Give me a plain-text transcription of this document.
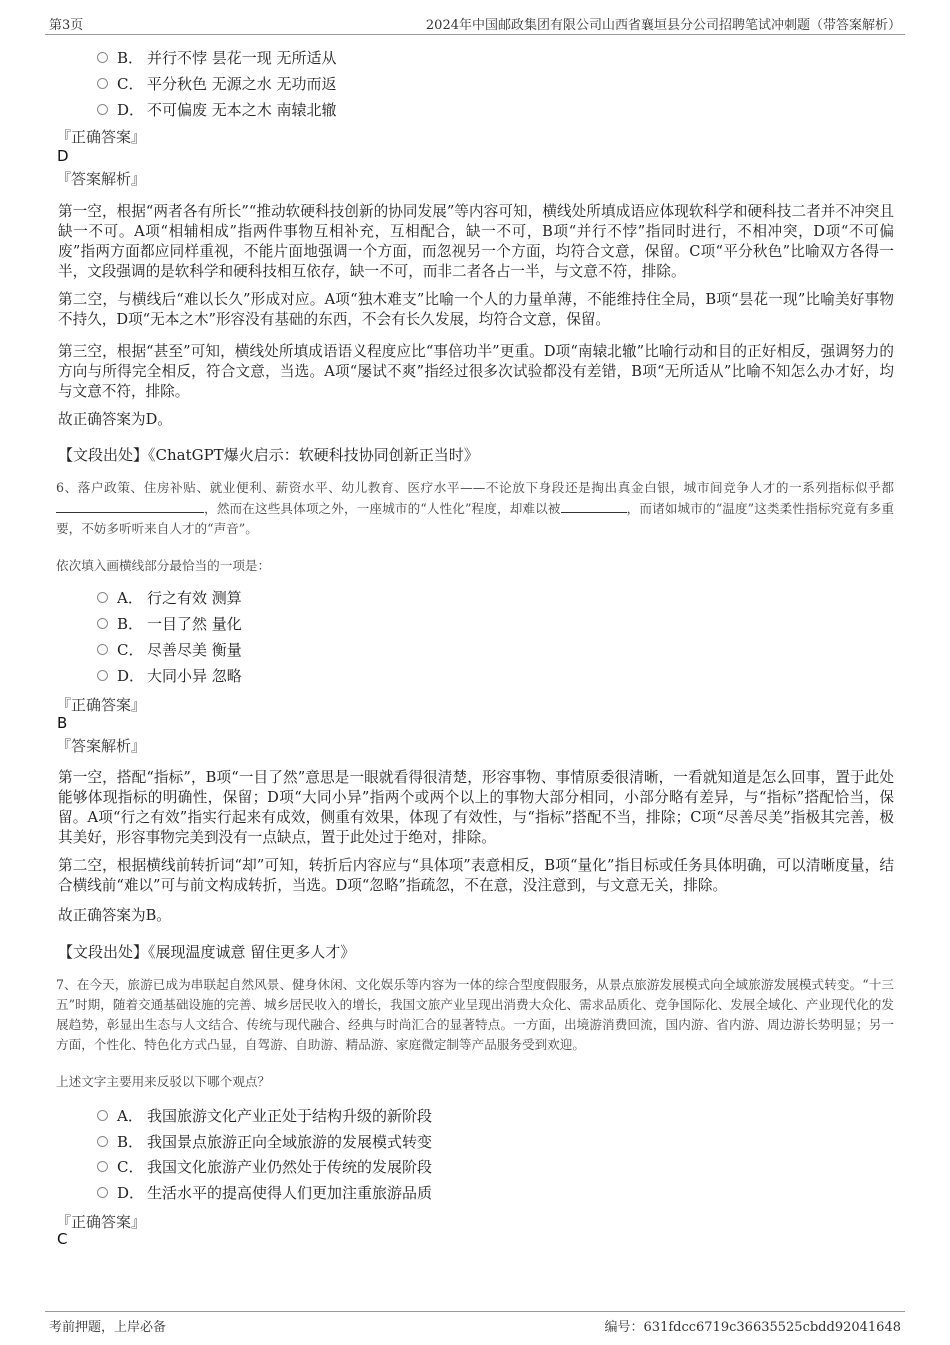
第3页	2024年中国邮政集团有限公司山西省襄垣县分公司招聘笔试冲刺题（带答案解析）
B． 并行不悖 昙花一现 无所适从
C． 平分秋色 无源之水 无功而返
D． 不可偏废 无本之木 南辕北辙
『正确答案』
D
『答案解析』
第一空，根据“两者各有所长”“推动软硬科技创新的协同发展”等内容可知，横线处所填成语应体现软科学和硬科技二者并不冲突且缺一不可。A项“相辅相成”指两件事物互相补充，互相配合，缺一不可，B项“并行不悖”指同时进行，不相冲突，D项“不可偏废”指两方面都应同样重视，不能片面地强调一个方面，而忽视另一个方面，均符合文意，保留。C项“平分秋色”比喻双方各得一半，文段强调的是软科学和硬科技相互依存，缺一不可，而非二者各占一半，与文意不符，排除。
第二空，与横线后“难以长久”形成对应。A项“独木难支”比喻一个人的力量单薄，不能维持住全局，B项“昙花一现”比喻美好事物不持久，D项“无本之木”形容没有基础的东西，不会有长久发展，均符合文意，保留。
第三空，根据“甚至”可知，横线处所填成语语义程度应比“事倍功半”更重。D项“南辕北辙”比喻行动和目的正好相反，强调努力的方向与所得完全相反，符合文意，当选。A项“屡试不爽”指经过很多次试验都没有差错，B项“无所适从”比喻不知怎么办才好，均与文意不符，排除。
故正确答案为D。
【文段出处】《ChatGPT爆火启示：软硬科技协同创新正当时》
6、落户政策、住房补贴、就业便利、薪资水平、幼儿教育、医疗水平——不论放下身段还是掏出真金白银，城市间竞争人才的一系列指标似乎都，然而在这些具体项之外，一座城市的“人性化”程度，却难以被	，而诸如城市的“温度”这类柔性指标究竟有多重要，不妨多听听来自人才的“声音”。
依次填入画横线部分最恰当的一项是：
A． 行之有效 测算
B． 一目了然 量化
C． 尽善尽美 衡量
D． 大同小异 忽略
『正确答案』
B
『答案解析』
第一空，搭配“指标”，B项“一目了然”意思是一眼就看得很清楚，形容事物、事情原委很清晰，一看就知道是怎么回事，置于此处能够体现指标的明确性，保留；D项“大同小异”指两个或两个以上的事物大部分相同，小部分略有差异，与“指标”搭配恰当，保留。A项“行之有效”指实行起来有成效，侧重有效果，体现了有效性，与“指标”搭配不当，排除；C项“尽善尽美”指极其完善，极其美好，形容事物完美到没有一点缺点，置于此处过于绝对，排除。
第二空，根据横线前转折词“却”可知，转折后内容应与“具体项”表意相反，B项“量化”指目标或任务具体明确，可以清晰度量，结合横线前“难以”可与前文构成转折，当选。D项“忽略”指疏忽，不在意，没注意到，与文意无关，排除。
故正确答案为B。
【文段出处】《展现温度诚意 留住更多人才》
7、在今天，旅游已成为串联起自然风景、健身休闲、文化娱乐等内容为一体的综合型度假服务，从景点旅游发展模式向全域旅游发展模式转变。“十三五”时期，随着交通基础设施的完善、城乡居民收入的增长，我国文旅产业呈现出消费大众化、需求品质化、竞争国际化、发展全域化、产业现代化的发展趋势，彰显出生态与人文结合、传统与现代融合、经典与时尚汇合的显著特点。一方面，出境游消费回流，国内游、省内游、周边游长势明显；另一方面，个性化、特色化方式凸显，自驾游、自助游、精品游、家庭微定制等产品服务受到欢迎。
上述文字主要用来反驳以下哪个观点？
A． 我国旅游文化产业正处于结构升级的新阶段
B． 我国景点旅游正向全域旅游的发展模式转变
C． 我国文化旅游产业仍然处于传统的发展阶段
D． 生活水平的提高使得人们更加注重旅游品质
『正确答案』
C
考前押题，上岸必备	编号：631fdcc6719c36635525cbdd92041648
